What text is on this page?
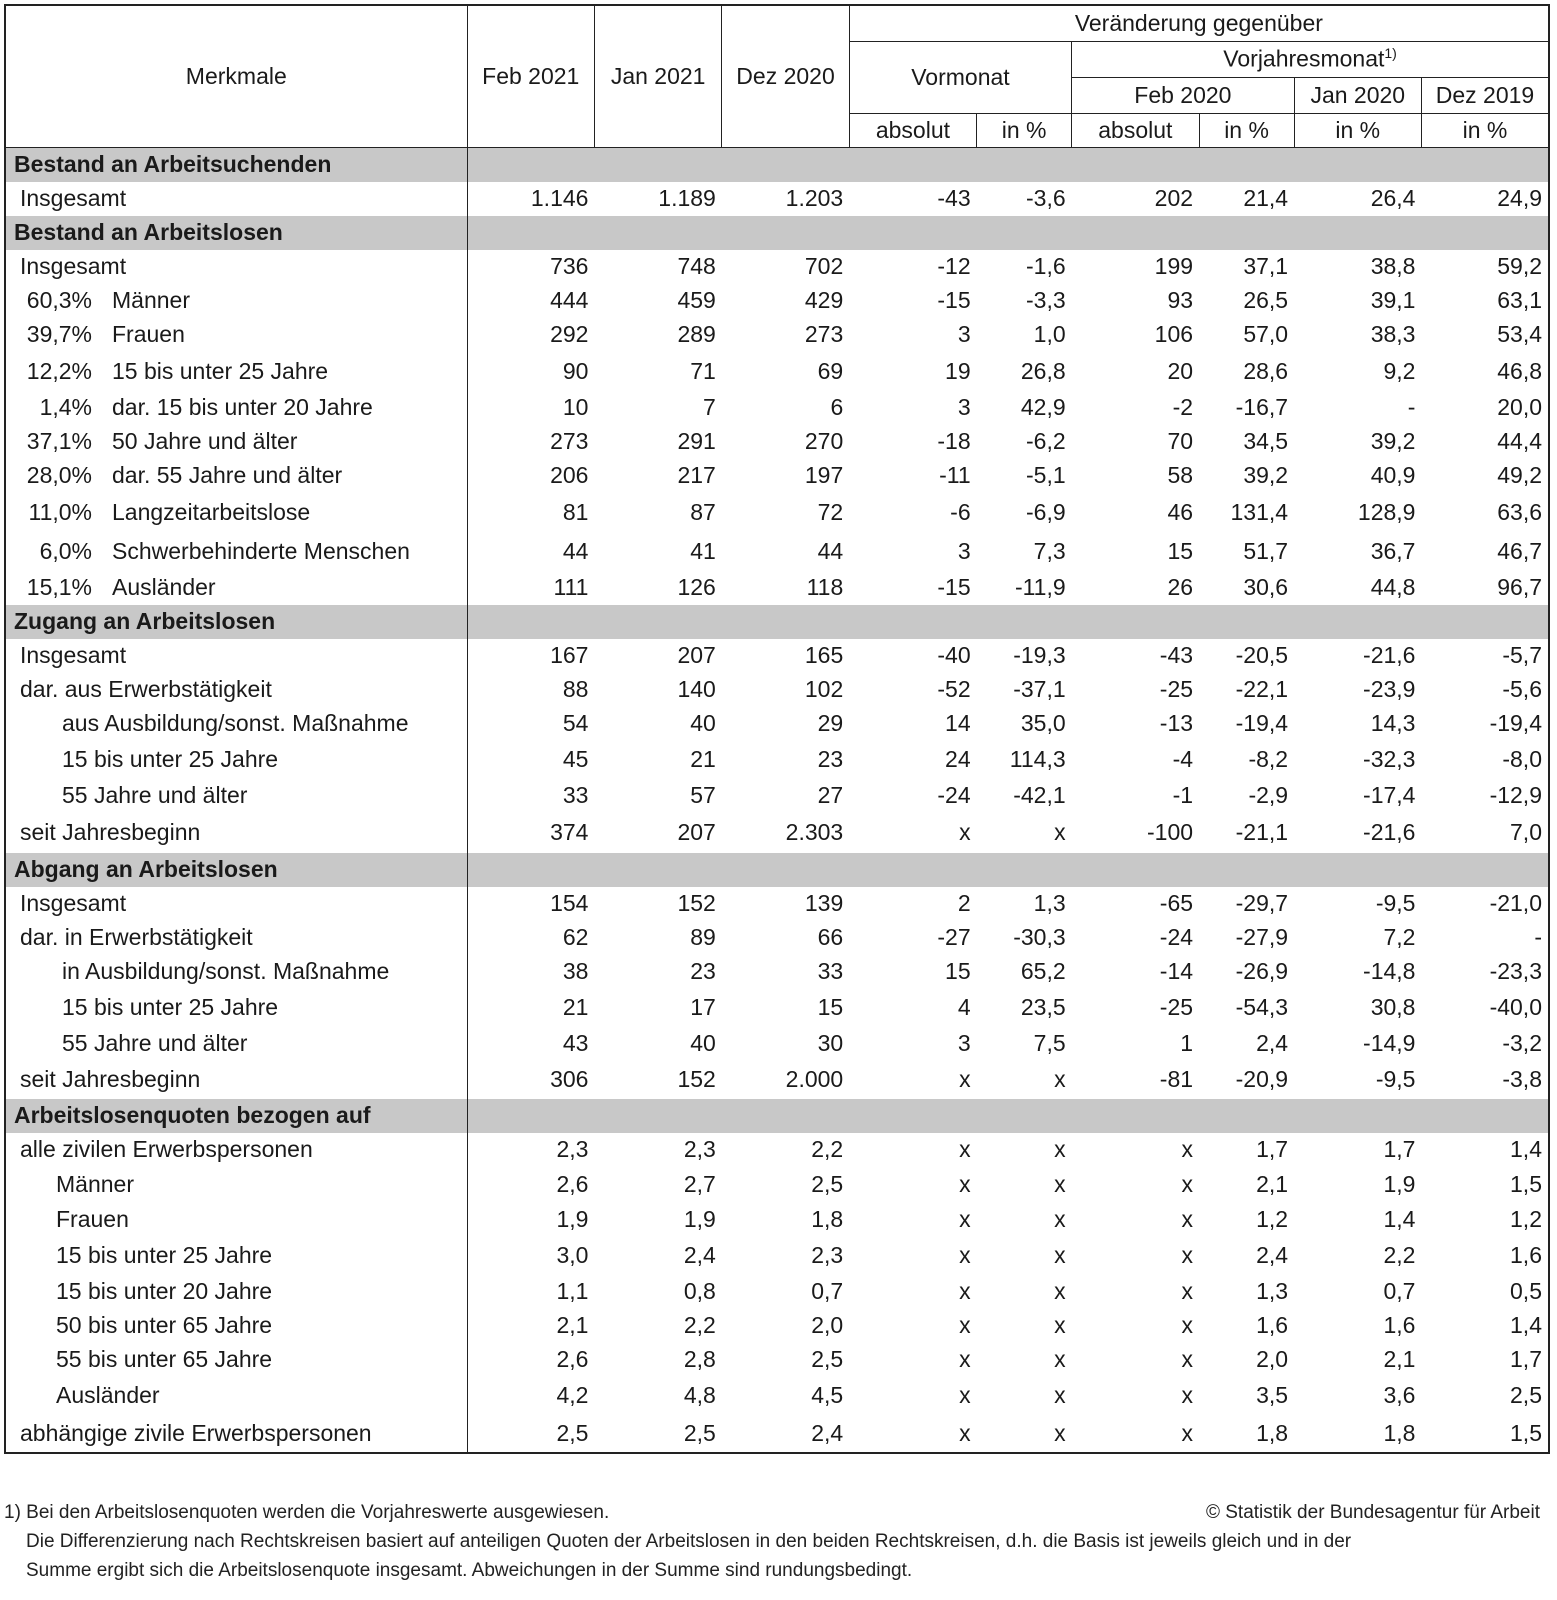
Merkmale	Feb 2021	Jan 2021	Dez 2020	Veränderung gegenüber					
				Vormonat		Vorjahresmonat$^{1)}$
						Feb 2020		Jan 2020	Dez 2019
				absolut	in %	absolut	in %	in %	in %
Bestand an Arbeitsuchenden									
Insgesamt	1.146	1.189	1.203	-43	-3,6	202	21,4	26,4	24,9
Bestand an Arbeitslosen									
Insgesamt	736	748	702	-12	-1,6	199	37,1	38,8	59,2
60,3% Männer	444	459	429	-15	-3,3	93	26,5	39,1	63,1
39,7% Frauen	292	289	273	3	1,0	106	57,0	38,3	53,4
12,2% 15 bis unter 25 Jahre	90	71	69	19	26,8	20	28,6	9,2	46,8
1,4% dar. 15 bis unter 20 Jahre	10	7	6	3	42,9	-2	-16,7	-	20,0
37,1% 50 Jahre und älter	273	291	270	-18	-6,2	70	34,5	39,2	44,4
28,0% dar. 55 Jahre und älter	206	217	197	-11	-5,1	58	39,2	40,9	49,2
11,0% Langzeitarbeitslose	81	87	72	-6	-6,9	46	131,4	128,9	63,6
6,0% Schwerbehinderte Menschen	44	41	44	3	7,3	15	51,7	36,7	46,7
15,1% Ausländer	111	126	118	-15	-11,9	26	30,6	44,8	96,7
Zugang an Arbeitslosen									
Insgesamt	167	207	165	-40	-19,3	-43	-20,5	-21,6	-5,7
dar. aus Erwerbstätigkeit	88	140	102	-52	-37,1	-25	-22,1	-23,9	-5,6
aus Ausbildung/sonst. Maßnahme	54	40	29	14	35,0	-13	-19,4	14,3	-19,4
15 bis unter 25 Jahre	45	21	23	24	114,3	-4	-8,2	-32,3	-8,0
55 Jahre und älter	33	57	27	-24	-42,1	-1	-2,9	-17,4	-12,9
seit Jahresbeginn	374	207	2.303	x	x	-100	-21,1	-21,6	7,0
Abgang an Arbeitslosen									
Insgesamt	154	152	139	2	1,3	-65	-29,7	-9,5	-21,0
dar. in Erwerbstätigkeit	62	89	66	-27	-30,3	-24	-27,9	7,2	-
in Ausbildung/sonst. Maßnahme	38	23	33	15	65,2	-14	-26,9	-14,8	-23,3
15 bis unter 25 Jahre	21	17	15	4	23,5	-25	-54,3	30,8	-40,0
55 Jahre und älter	43	40	30	3	7,5	1	2,4	-14,9	-3,2
seit Jahresbeginn	306	152	2.000	x	x	-81	-20,9	-9,5	-3,8
Arbeitslosenquoten bezogen auf									
alle zivilen Erwerbspersonen	2,3	2,3	2,2	x	x	x	1,7	1,7	1,4
Männer	2,6	2,7	2,5	x	x	x	2,1	1,9	1,5
Frauen	1,9	1,9	1,8	x	x	x	1,2	1,4	1,2
15 bis unter 25 Jahre	3,0	2,4	2,3	x	x	x	2,4	2,2	1,6
15 bis unter 20 Jahre	1,1	0,8	0,7	x	x	x	1,3	0,7	0,5
50 bis unter 65 Jahre	2,1	2,2	2,0	x	x	x	1,6	1,6	1,4
55 bis unter 65 Jahre	2,6	2,8	2,5	x	x	x	2,0	2,1	1,7
Ausländer	4,2	4,8	4,5	x	x	x	3,5	3,6	2,5
abhängige zivile Erwerbspersonen	2,5	2,5	2,4	x	x	x	1,8	1,8	1,5
1) Bei den Arbeitslosenquoten werden die Vorjahreswerte ausgewiesen.	© Statistik der Bundesagentur für Arbeit
Die Differenzierung nach Rechtskreisen basiert auf anteiligen Quoten der Arbeitslosen in den beiden Rechtskreisen, d.h. die Basis ist jeweils gleich und in der
Summe ergibt sich die Arbeitslosenquote insgesamt. Abweichungen in der Summe sind rundungsbedingt.
